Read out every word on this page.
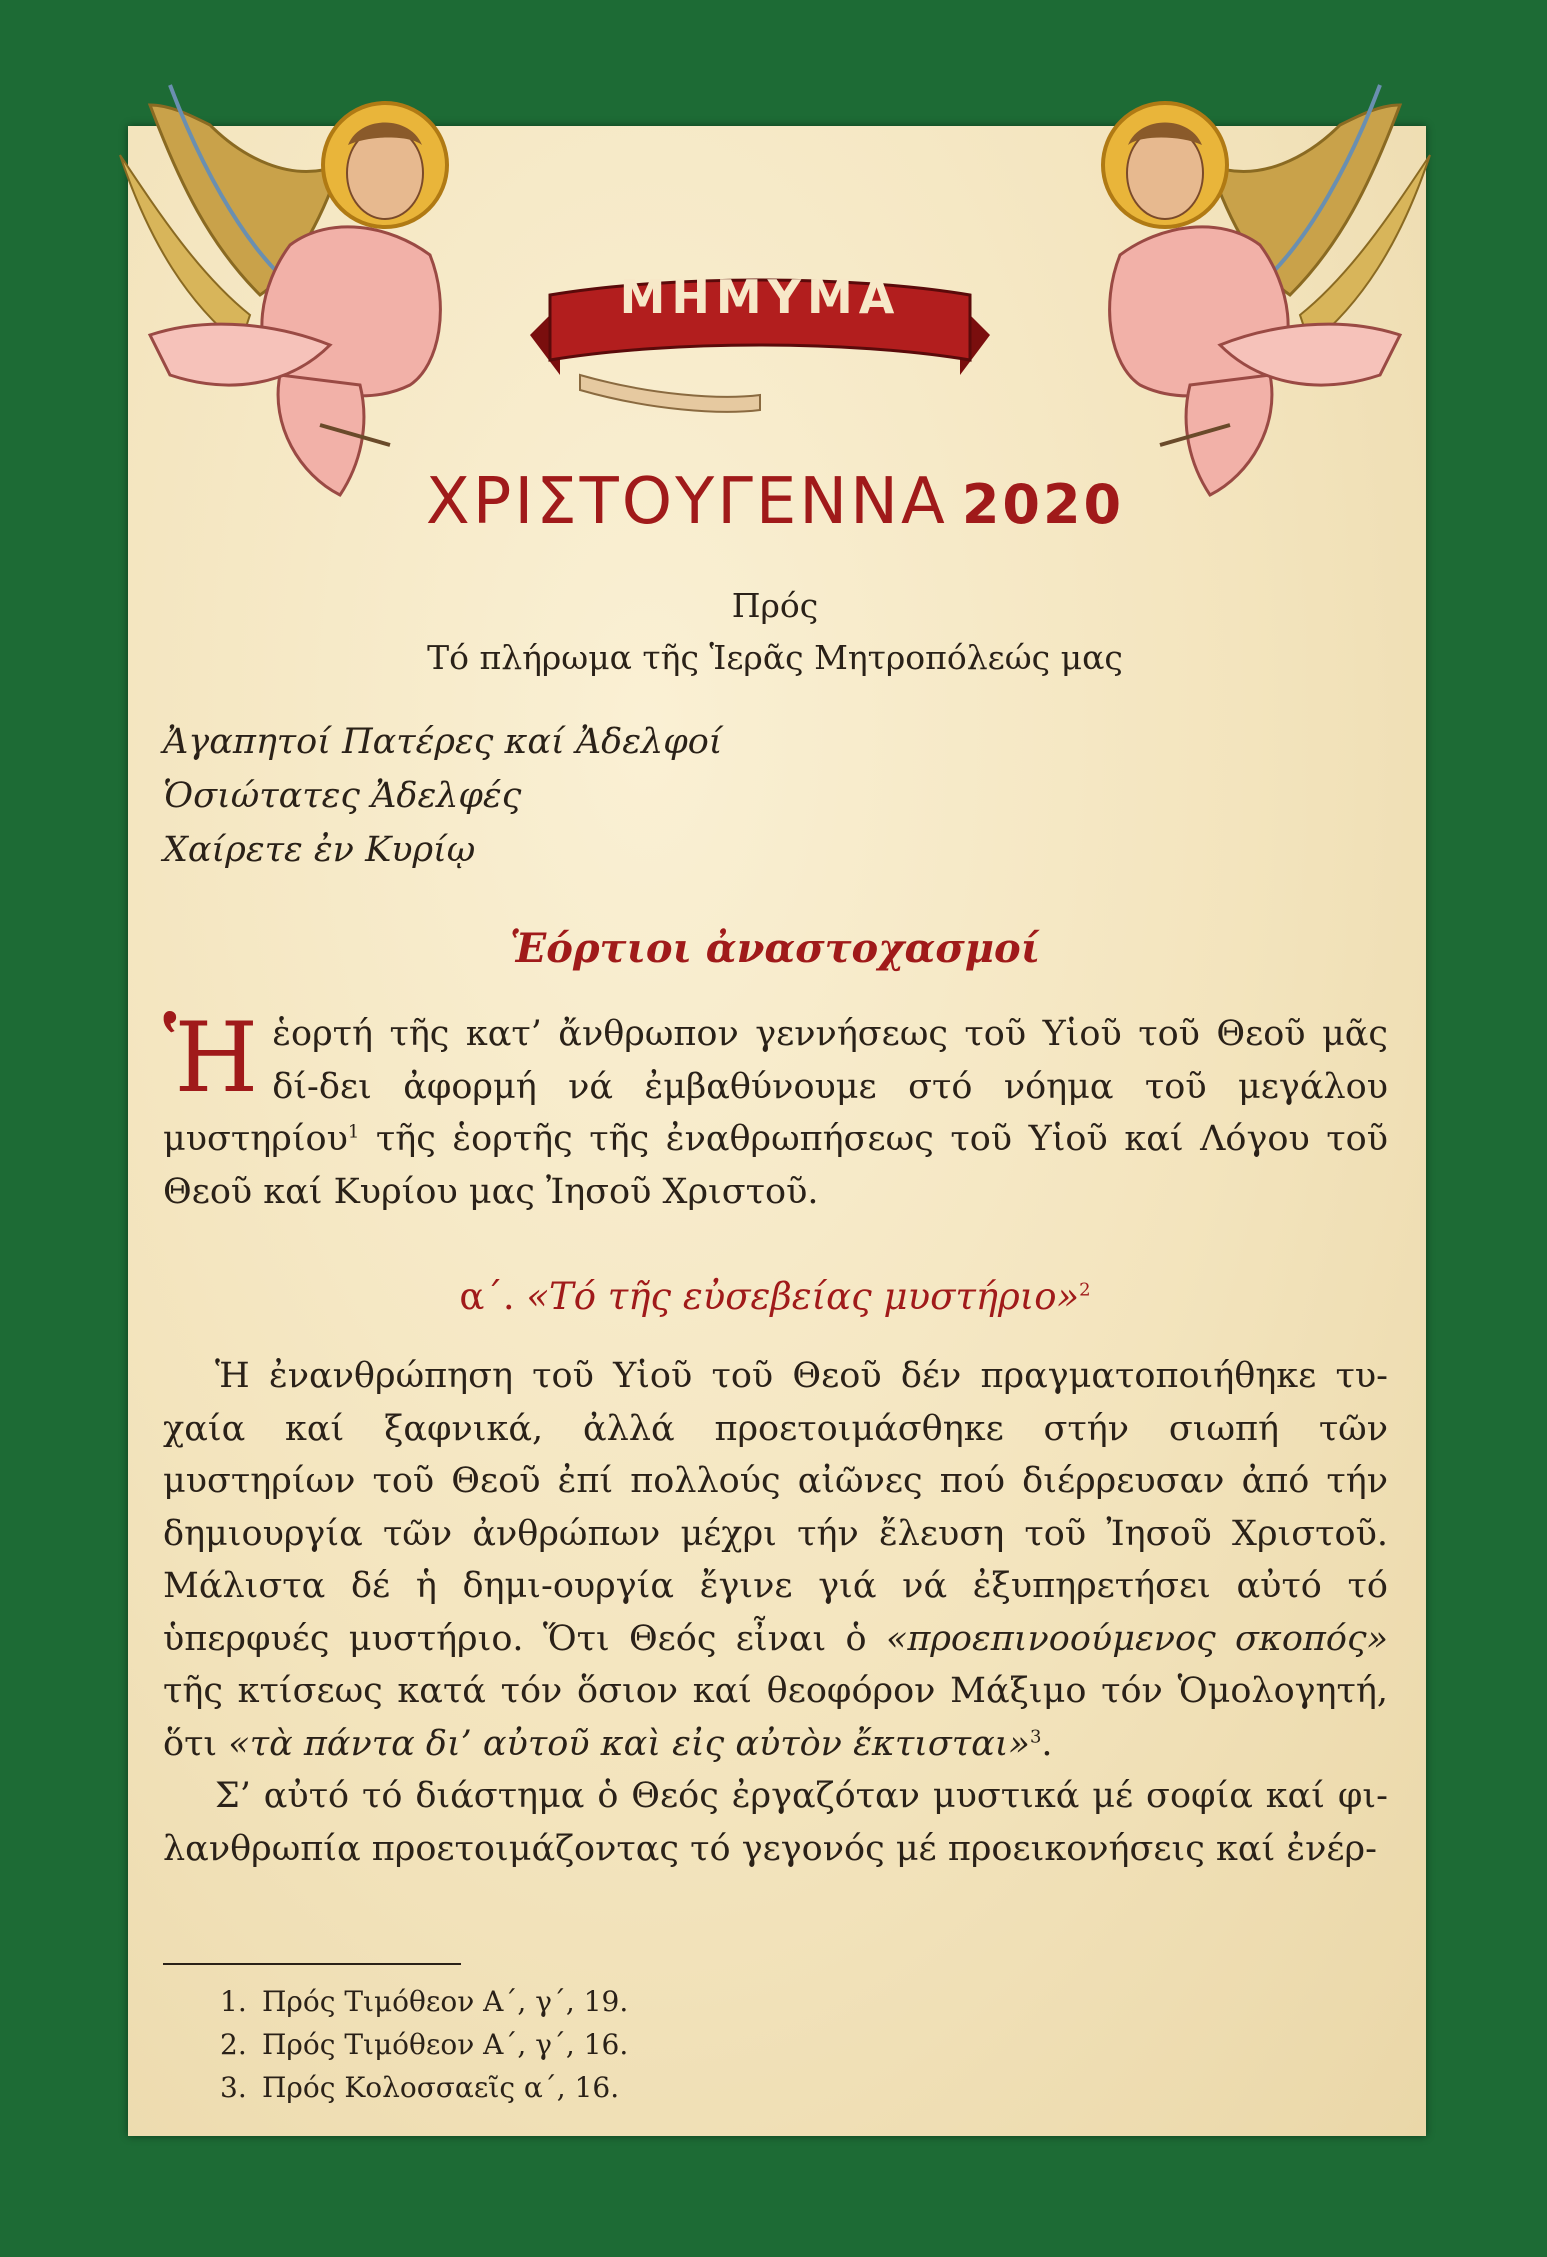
ΜΗΜΥΜΑ
ΧΡΙΣΤΟΥΓΕΝΝΑ 2020
Πρός
Τό πλήρωμα τῆς Ἱερᾶς Μητροπόλεώς μας
Ἀγαπητοί Πατέρες καί Ἀδελφοί
Ὁσιώτατες Ἀδελφές
Χαίρετε ἐν Κυρίῳ
Ἑόρτιοι ἀναστοχασμοί
Ἡ ἑορτή τῆς κατ’ ἄνθρωπον γεννήσεως τοῦ Υἱοῦ τοῦ Θεοῦ μᾶς δί-δει ἀφορμή νά ἐμβαθύνουμε στό νόημα τοῦ μεγάλου μυστηρίου$^1$ τῆς ἑορτῆς τῆς ἐναθρωπήσεως τοῦ Υἱοῦ καί Λόγου τοῦ Θεοῦ καί Κυρίου μας Ἰησοῦ Χριστοῦ.
α΄. «Τό τῆς εὐσεβείας μυστήριο»$^2$

Ἡ ἐνανθρώπηση τοῦ Υἱοῦ τοῦ Θεοῦ δέν πραγματοποιήθηκε τυ-χαία καί ξαφνικά, ἀλλά προετοιμάσθηκε στήν σιωπή τῶν μυστηρίων τοῦ Θεοῦ ἐπί πολλούς αἰῶνες πού διέρρευσαν ἀπό τήν δημιουργία τῶν ἀνθρώπων μέχρι τήν ἔλευση τοῦ Ἰησοῦ Χριστοῦ. Μάλιστα δέ ἡ δημι-ουργία ἔγινε γιά νά ἐξυπηρετήσει αὐτό τό ὑπερφυές μυστήριο. Ὅτι Θεός εἶναι ὁ «προεπινοούμενος σκοπός» τῆς κτίσεως κατά τόν ὅσιον καί θεοφόρον Μάξιμο τόν Ὁμολογητή, ὅτι «τὰ πάντα δι’ αὐτοῦ καὶ εἰς αὐτὸν ἔκτισται»$^3$.

Σ’ αὐτό τό διάστημα ὁ Θεός ἐργαζόταν μυστικά μέ σοφία καί φι-λανθρωπία προετοιμάζοντας τό γεγονός μέ προεικονήσεις καί ἐνέρ-

1. Πρός Τιμόθεον Α΄, γ΄, 19.
2. Πρός Τιμόθεον Α΄, γ΄, 16.
3. Πρός Κολοσσαεῖς α΄, 16.
